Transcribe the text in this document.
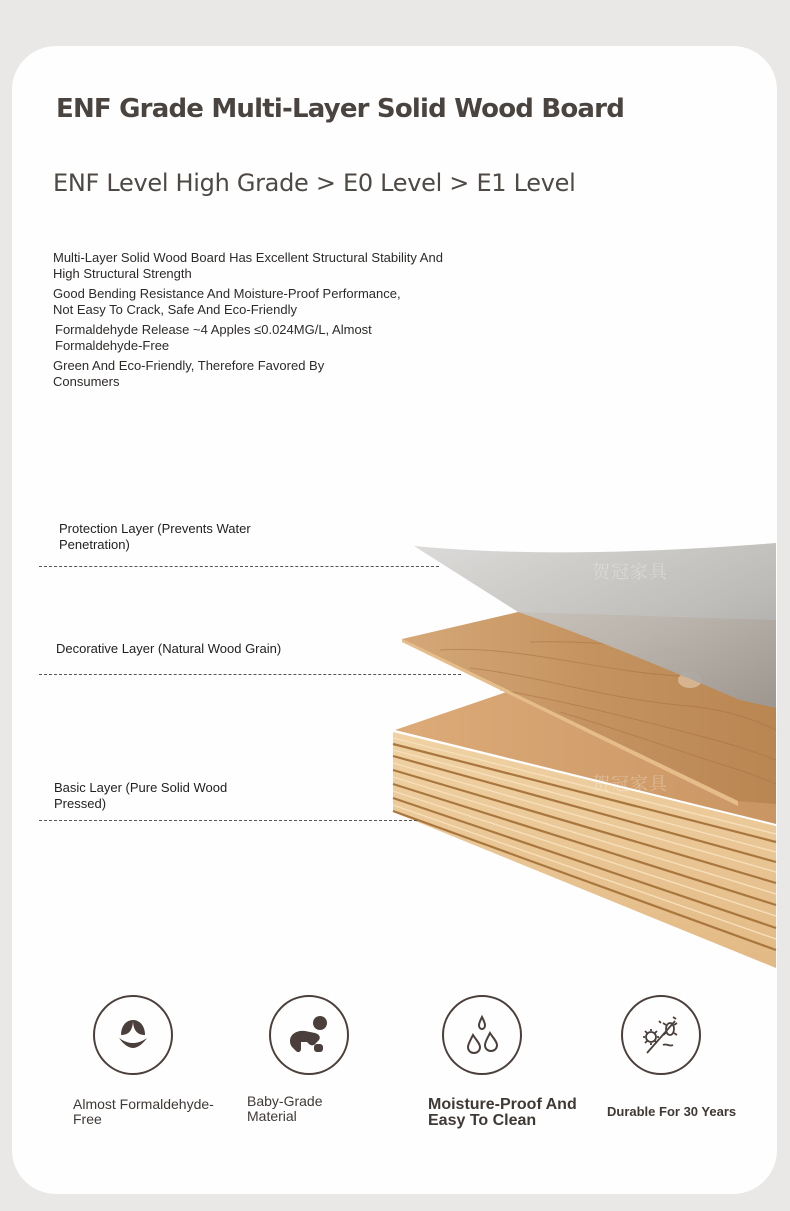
ENF Grade Multi-Layer Solid Wood Board
ENF Level High Grade > E0 Level > E1 Level
Multi-Layer Solid Wood Board Has Excellent Structural Stability And High Structural Strength
Good Bending Resistance And Moisture-Proof Performance, Not Easy To Crack, Safe And Eco-Friendly
Formaldehyde Release ~4 Apples ≤0.024MG/L, Almost Formaldehyde-Free
Green And Eco-Friendly, Therefore Favored By Consumers
贺冠家具
贺冠家具
Protection Layer (Prevents Water Penetration)
Decorative Layer (Natural Wood Grain)
Basic Layer (Pure Solid Wood Pressed)
Almost Formaldehyde-Free
Baby-Grade Material
Moisture-Proof And Easy To Clean
Durable For 30 Years
